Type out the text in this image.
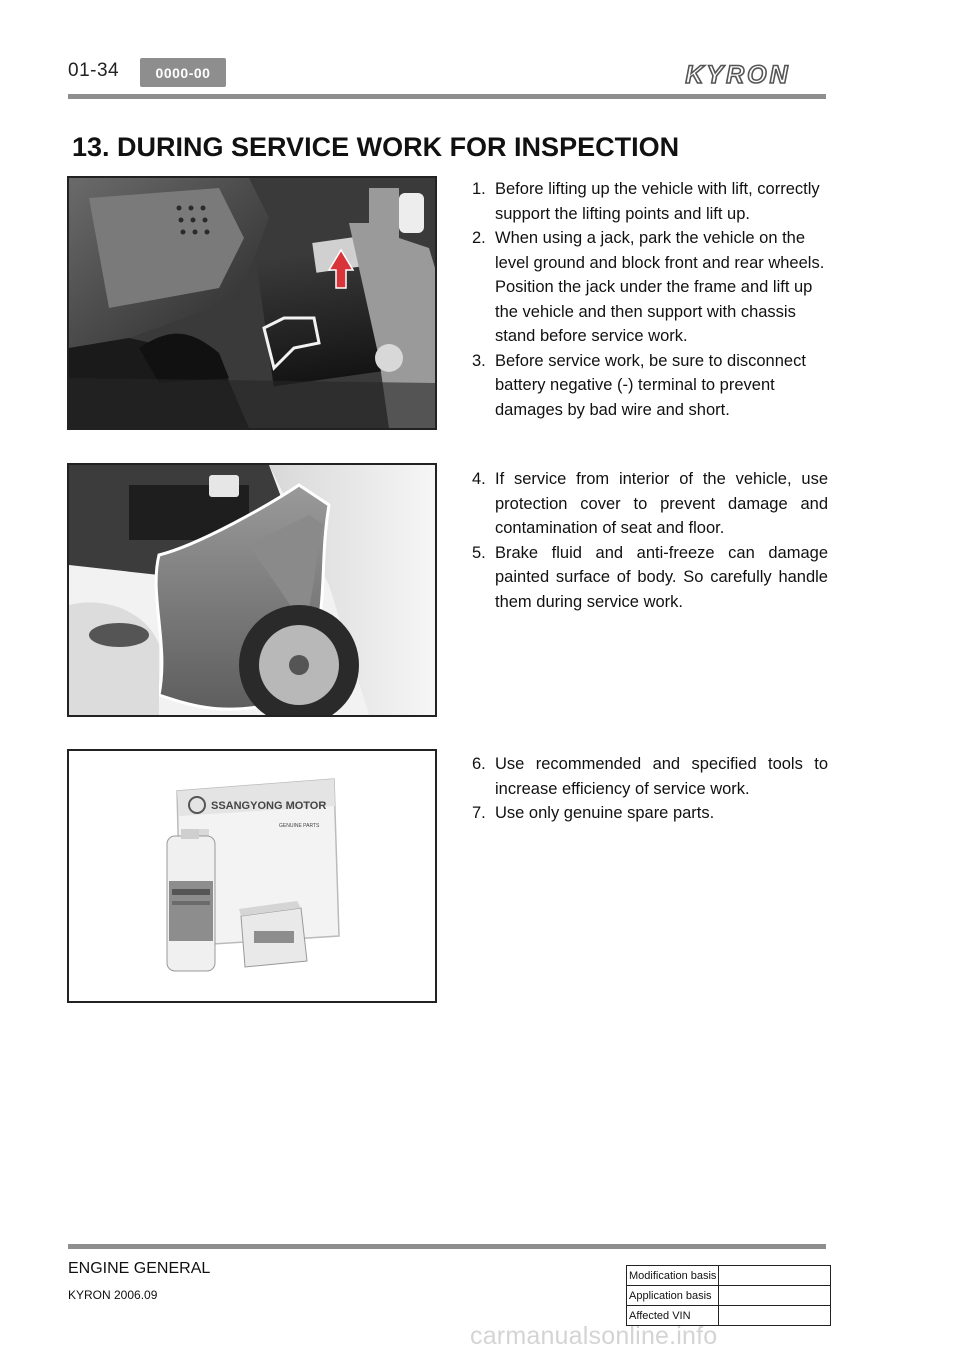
01-34	0000-00	KYRON
13. DURING SERVICE WORK FOR INSPECTION
1. Before lifting up the vehicle with lift, correctly support the lifting points and lift up.
2. When using a jack, park the vehicle on the level ground and block front and rear wheels. Position the jack under the frame and lift up the vehicle and then support with chassis stand before service work.
3. Before service work, be sure to disconnect battery negative (-) terminal to prevent damages by bad wire and short.
4. If service from interior of the vehicle, use protection cover to prevent damage and contamination of seat and floor.
5. Brake fluid and anti-freeze can damage painted surface of body. So carefully handle them during service work.
SSANGYONG MOTOR
GENUINE PARTS
6. Use recommended and specified tools to increase efficiency of service work.
7. Use only genuine spare parts.
ENGINE GENERAL
KYRON 2006.09
Modification basis	
Application basis	
Affected VIN	
carmanualsonline.info
